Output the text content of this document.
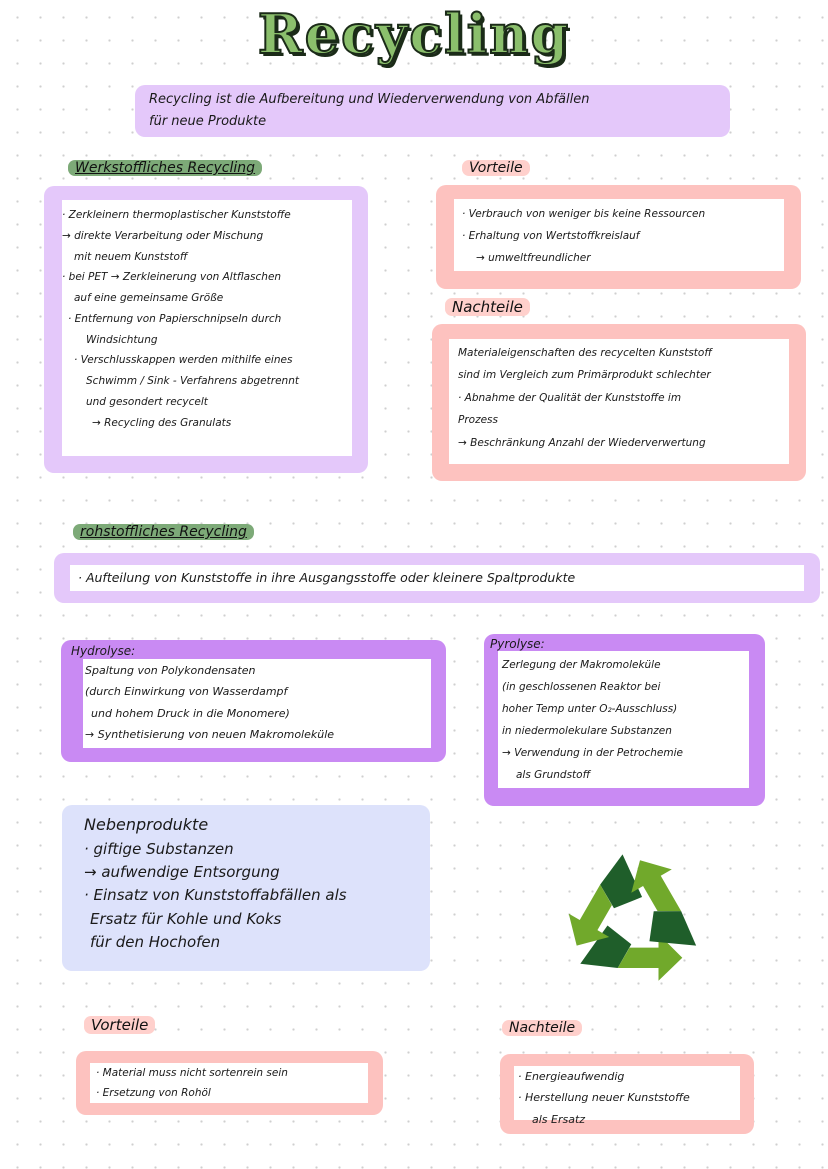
Recycling
Recycling ist die Aufbereitung und Wiederverwendung von Abfällen
für neue Produkte
Werkstoffliches Recycling
· Zerkleinern thermoplastischer Kunststoffe
→ direkte Verarbeitung oder Mischung
mit neuem Kunststoff
· bei PET → Zerkleinerung von Altflaschen
auf eine gemeinsame Größe
· Entfernung von Papierschnipseln durch
Windsichtung
· Verschlusskappen werden mithilfe eines
Schwimm / Sink - Verfahrens abgetrennt
und gesondert recycelt
→ Recycling des Granulats
Vorteile
· Verbrauch von weniger bis keine Ressourcen
· Erhaltung von Wertstoffkreislauf
→ umweltfreundlicher
Nachteile
Materialeigenschaften des recycelten Kunststoff
sind im Vergleich zum Primärprodukt schlechter
· Abnahme der Qualität der Kunststoffe im
Prozess
→ Beschränkung Anzahl der Wiederverwertung
rohstoffliches Recycling
· Aufteilung von Kunststoffe in ihre Ausgangsstoffe oder kleinere Spaltprodukte
Hydrolyse:
Spaltung von Polykondensaten
(durch Einwirkung von Wasserdampf
und hohem Druck in die Monomere)
→ Synthetisierung von neuen Makromoleküle
Pyrolyse:
Zerlegung der Makromoleküle
(in geschlossenen Reaktor bei
hoher Temp unter O₂-Ausschluss)
in niedermolekulare Substanzen
→ Verwendung in der Petrochemie
als Grundstoff
Nebenprodukte
· giftige Substanzen
→ aufwendige Entsorgung
· Einsatz von Kunststoffabfällen als
Ersatz für Kohle und Koks
für den Hochofen
Vorteile
· Material muss nicht sortenrein sein
· Ersetzung von Rohöl
Nachteile
· Energieaufwendig
· Herstellung neuer Kunststoffe
als Ersatz
